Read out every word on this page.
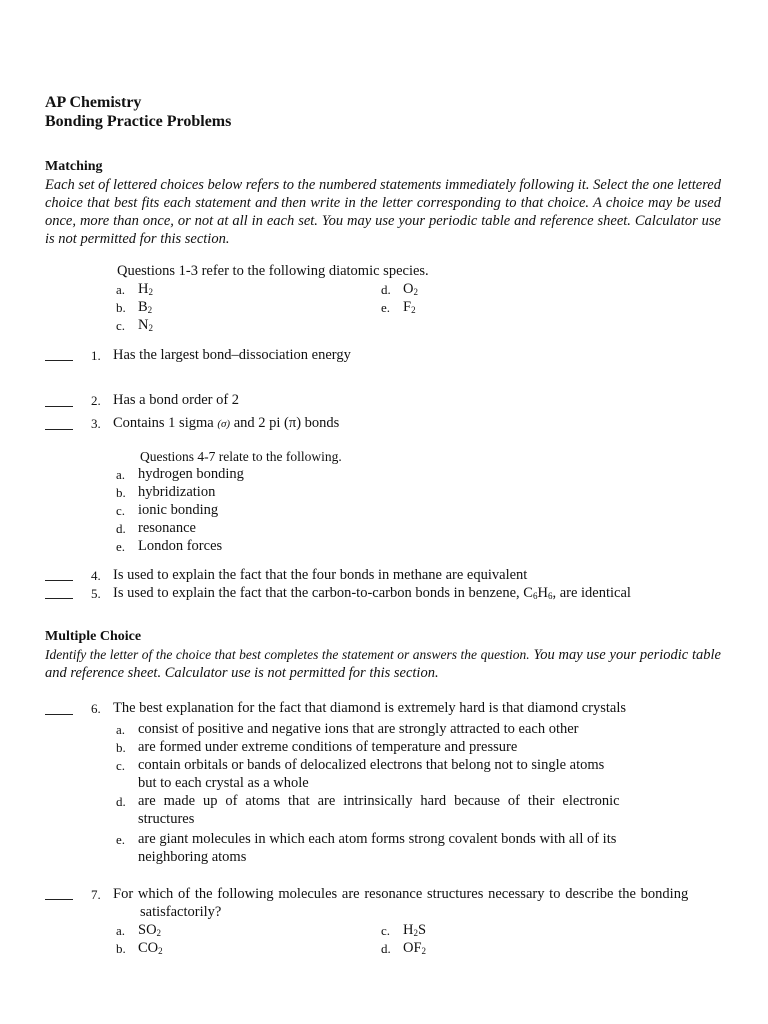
AP Chemistry
Bonding Practice Problems
Matching
Each set of lettered choices below refers to the numbered statements immediately following it. Select the one lettered choice that best fits each statement and then write in the letter corresponding to that choice. A choice may be used once, more than once, or not at all in each set. You may use your periodic table and reference sheet. Calculator use is not permitted for this section.
Questions 1-3 refer to the following diatomic species.
a. $H_2$
b. $B_2$
c. $N_2$
d. $O_2$
e. $F_2$
1. Has the largest bond–dissociation energy
2. Has a bond order of 2
3. Contains 1 sigma (σ) and 2 pi (π) bonds
Questions 4-7 relate to the following.
a. hydrogen bonding
b. hybridization
c. ionic bonding
d. resonance
e. London forces
4. Is used to explain the fact that the four bonds in methane are equivalent
5. Is used to explain the fact that the carbon-to-carbon bonds in benzene, $C_6H_6$, are identical
Multiple Choice
Identify the letter of the choice that best completes the statement or answers the question. You may use your periodic table and reference sheet. Calculator use is not permitted for this section.
6. The best explanation for the fact that diamond is extremely hard is that diamond crystals
a. consist of positive and negative ions that are strongly attracted to each other
b. are formed under extreme conditions of temperature and pressure
c. contain orbitals or bands of delocalized electrons that belong not to single atoms
but to each crystal as a whole
d. are made up of atoms that are intrinsically hard because of their electronic
structures
e. are giant molecules in which each atom forms strong covalent bonds with all of its
neighboring atoms
7. For which of the following molecules are resonance structures necessary to describe the bonding
satisfactorily?
a. $SO_2$
b. $CO_2$
c. $H_2S$
d. $OF_2$
